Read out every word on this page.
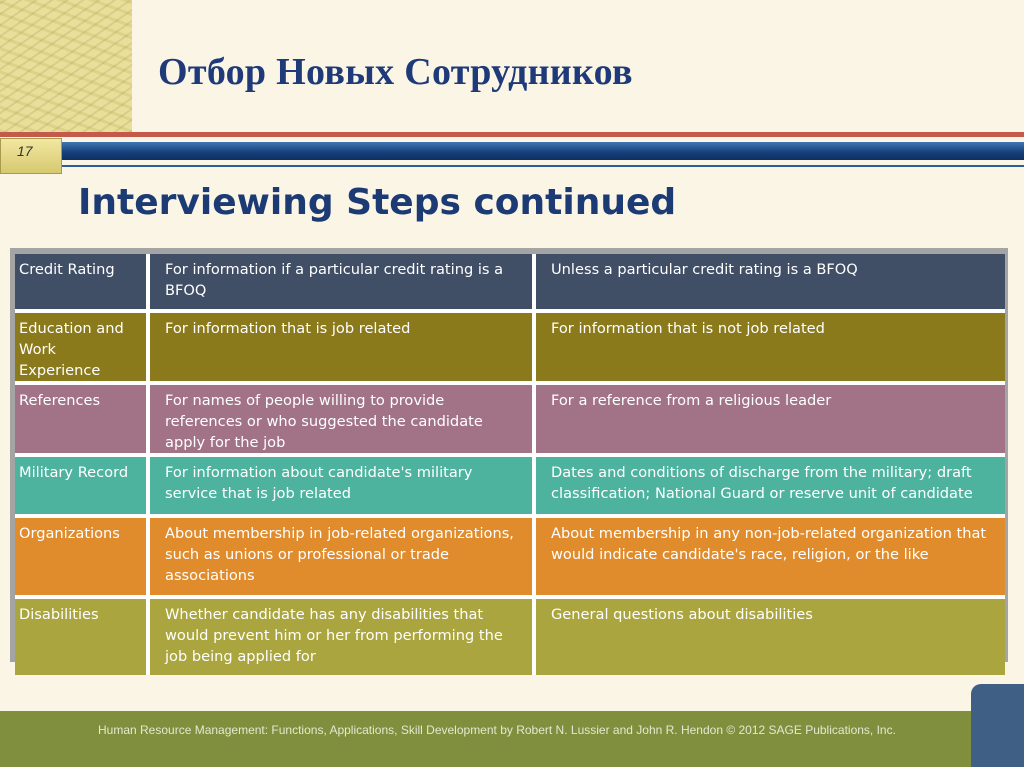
Отбор Новых Сотрудников
17
Interviewing Steps continued
Credit Rating	For information if a particular credit rating is a BFOQ	Unless a particular credit rating is a BFOQ
Education and Work Experience	For information that is job related	For information that is not job related
References	For names of people willing to provide references or who suggested the candidate apply for the job	For a reference from a religious leader
Military Record	For information about candidate's military service that is job related	Dates and conditions of discharge from the military; draft classification; National Guard or reserve unit of candidate
Organizations	About membership in job-related organizations, such as unions or professional or trade associations	About membership in any non-job-related organization that would indicate candidate's race, religion, or the like
Disabilities	Whether candidate has any disabilities that would prevent him or her from performing the job being applied for	General questions about disabilities
Human Resource Management: Functions, Applications, Skill Development by Robert N. Lussier and John R. Hendon © 2012 SAGE Publications, Inc.
